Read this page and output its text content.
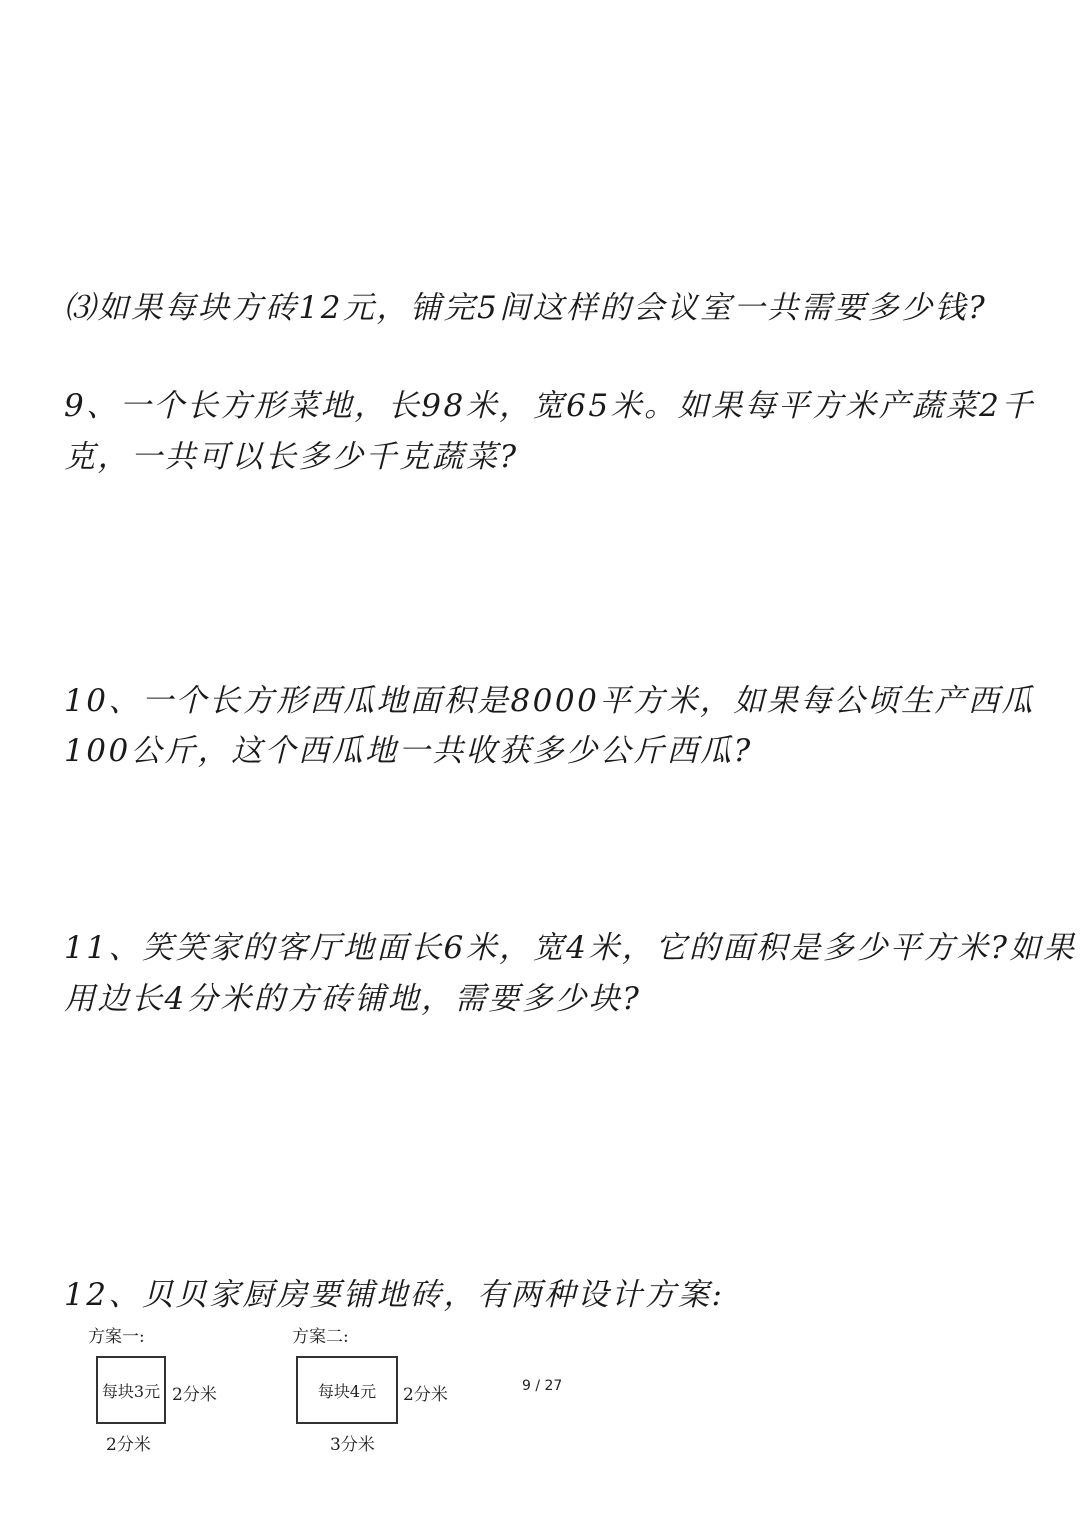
⑶如果每块方砖12元，铺完5间这样的会议室一共需要多少钱?
9、一个长方形菜地，长98米，宽65米。如果每平方米产蔬菜2千
克，一共可以长多少千克蔬菜?
10、一个长方形西瓜地面积是8000平方米，如果每公顷生产西瓜
100公斤，这个西瓜地一共收获多少公斤西瓜?
11、笑笑家的客厅地面长6米，宽4米，它的面积是多少平方米?如果
用边长4分米的方砖铺地，需要多少块?
12、贝贝家厨房要铺地砖，有两种设计方案:
方案一:
每块3元 2分米
2分米
方案二:
每块4元 2分米
3分米
9 / 27
